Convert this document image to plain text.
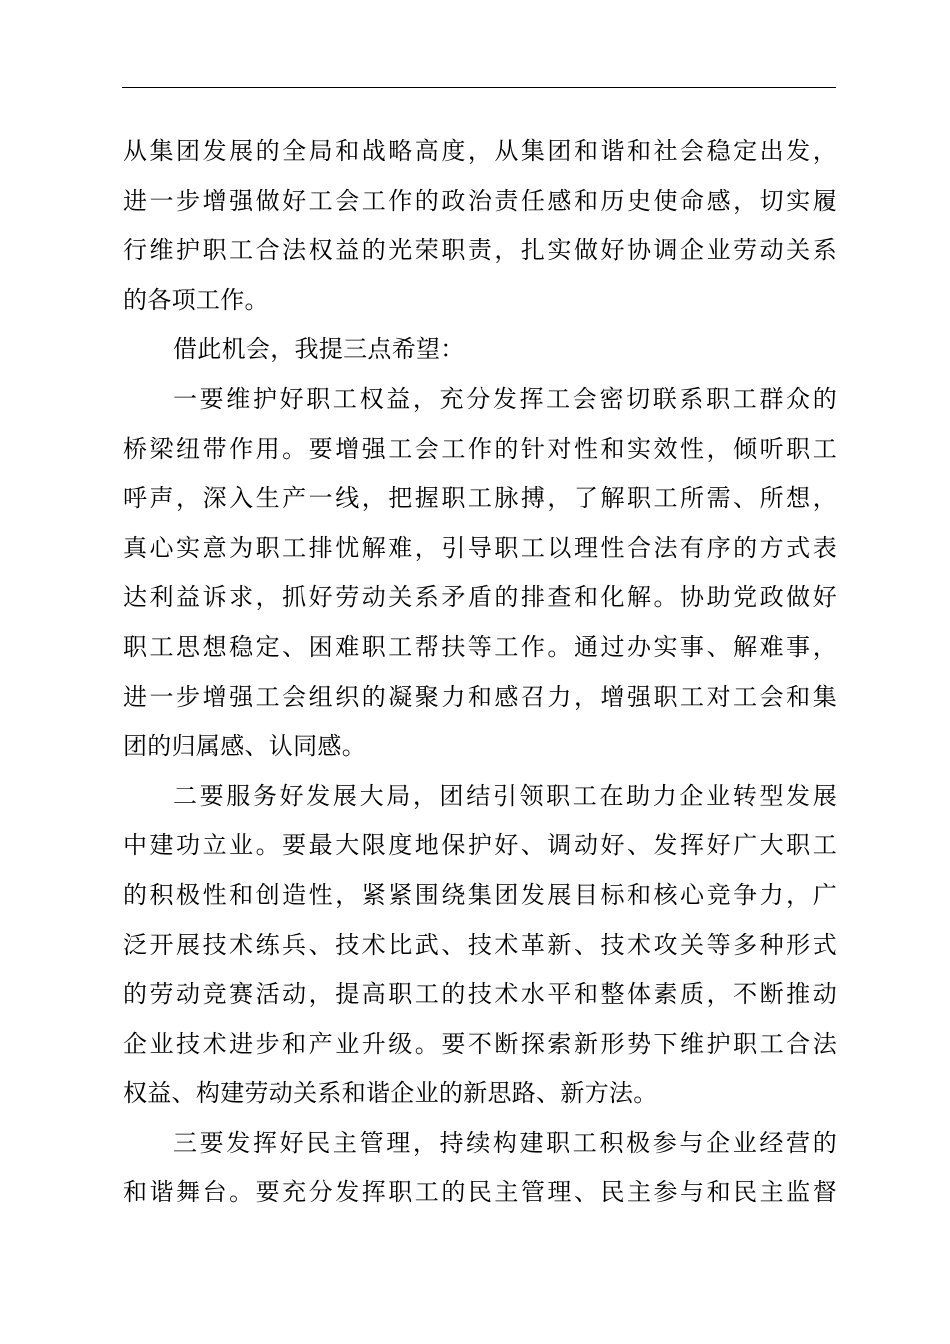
从集团发展的全局和战略高度，从集团和谐和社会稳定出发，
进一步增强做好工会工作的政治责任感和历史使命感，切实履
行维护职工合法权益的光荣职责，扎实做好协调企业劳动关系
的各项工作。
借此机会，我提三点希望：
一要维护好职工权益，充分发挥工会密切联系职工群众的
桥梁纽带作用。要增强工会工作的针对性和实效性，倾听职工
呼声，深入生产一线，把握职工脉搏，了解职工所需、所想，
真心实意为职工排忧解难，引导职工以理性合法有序的方式表
达利益诉求，抓好劳动关系矛盾的排查和化解。协助党政做好
职工思想稳定、困难职工帮扶等工作。通过办实事、解难事，
进一步增强工会组织的凝聚力和感召力，增强职工对工会和集
团的归属感、认同感。
二要服务好发展大局，团结引领职工在助力企业转型发展
中建功立业。要最大限度地保护好、调动好、发挥好广大职工
的积极性和创造性，紧紧围绕集团发展目标和核心竞争力，广
泛开展技术练兵、技术比武、技术革新、技术攻关等多种形式
的劳动竞赛活动，提高职工的技术水平和整体素质，不断推动
企业技术进步和产业升级。要不断探索新形势下维护职工合法
权益、构建劳动关系和谐企业的新思路、新方法。
三要发挥好民主管理，持续构建职工积极参与企业经营的
和谐舞台。要充分发挥职工的民主管理、民主参与和民主监督
